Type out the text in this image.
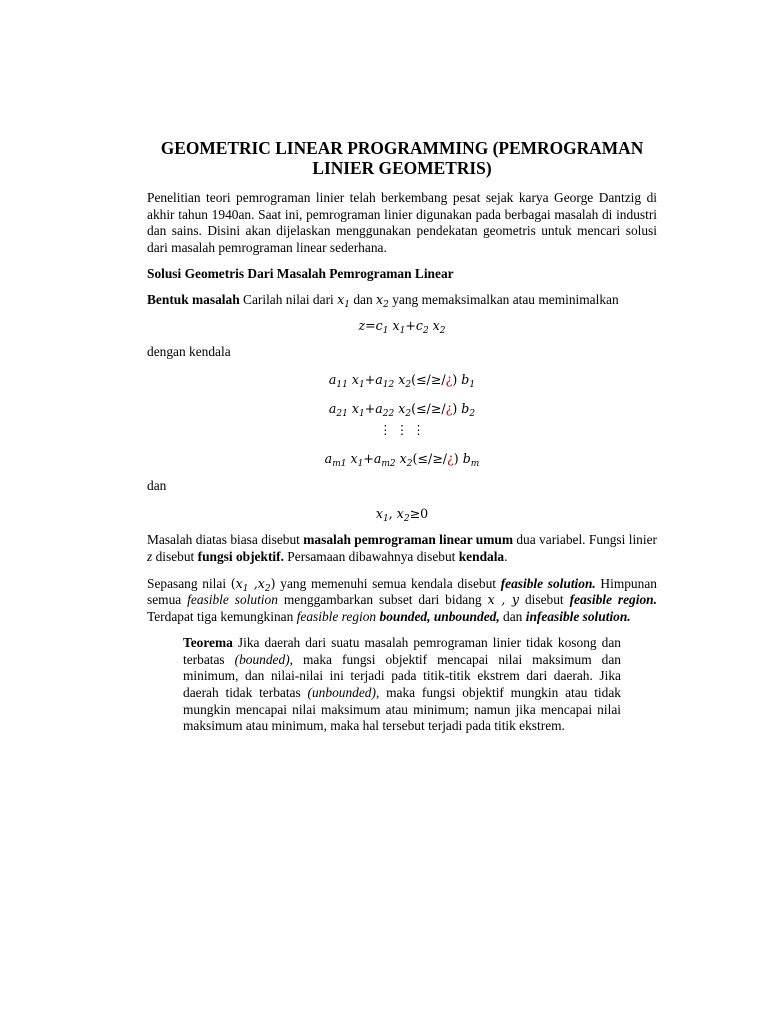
GEOMETRIC LINEAR PROGRAMMING (PEMROGRAMAN LINIER GEOMETRIS)

Penelitian teori pemrograman linier telah berkembang pesat sejak karya George Dantzig di akhir tahun 1940an. Saat ini, pemrograman linier digunakan pada berbagai masalah di industri dan sains. Disini akan dijelaskan menggunakan pendekatan geometris untuk mencari solusi dari masalah pemrograman linear sederhana.

Solusi Geometris Dari Masalah Pemrograman Linear

Bentuk masalah Carilah nilai dari $x_1$ dan $x_2$ yang memaksimalkan atau meminimalkan

$z=c_1$ $x_1+c_2$ $x_2$

dengan kendala

$a_{11}$ $x_1+a_{12}$ $x_2(\le/\ge/¿)$ $b_1$

$a_{21}$ $x_1+a_{22}$ $x_2(\le/\ge/¿)$ $b_2$

⋮ ⋮ ⋮

$a_{m1}$ $x_1+a_{m2}$ $x_2(\le/\ge/¿)$ $b_m$

dan

$x_1$, $x_2\ge 0$

Masalah diatas biasa disebut masalah pemrograman linear umum dua variabel. Fungsi linier z disebut fungsi objektif. Persamaan dibawahnya disebut kendala.

Sepasang nilai ($x_1$ $,x_2$) yang memenuhi semua kendala disebut feasible solution. Himpunan semua feasible solution menggambarkan subset dari bidang x , y disebut feasible region. Terdapat tiga kemungkinan feasible region bounded, unbounded, dan infeasible solution.

Teorema Jika daerah dari suatu masalah pemrograman linier tidak kosong dan terbatas (bounded), maka fungsi objektif mencapai nilai maksimum dan minimum, dan nilai-nilai ini terjadi pada titik-titik ekstrem dari daerah. Jika daerah tidak terbatas (unbounded), maka fungsi objektif mungkin atau tidak mungkin mencapai nilai maksimum atau minimum; namun jika mencapai nilai maksimum atau minimum, maka hal tersebut terjadi pada titik ekstrem.
